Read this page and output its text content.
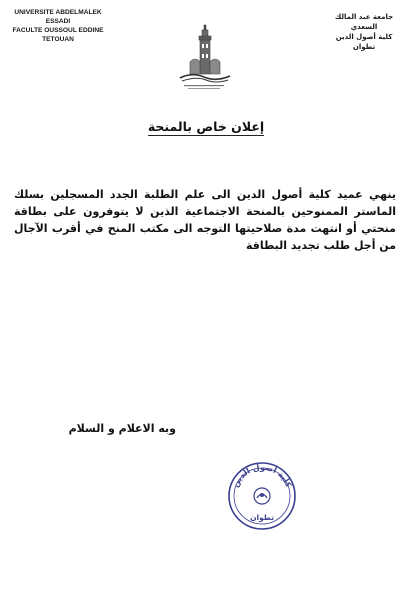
UNIVERSITE ABDELMALEK ESSADI
FACULTE OUSSOUL EDDINE
TETOUAN
جامعة عبد المالك السعدي
كلية أصول الدين
تطوان
إعلان خاص بالمنحة

ينهي عميد كلية أصول الدين الى علم الطلبة الجدد المسجلين بسلك الماستر الممنوحين بالمنحة الاجتماعية الذين لا يتوفرون على بطاقة منحتي أو انتهت مدة صلاحيتها التوجه الى مكتب المنح في أقرب الآجال من أجل طلب تجديد البطاقة

وبه الاعلام و السلام
كلية أصول الدين
تطوان
